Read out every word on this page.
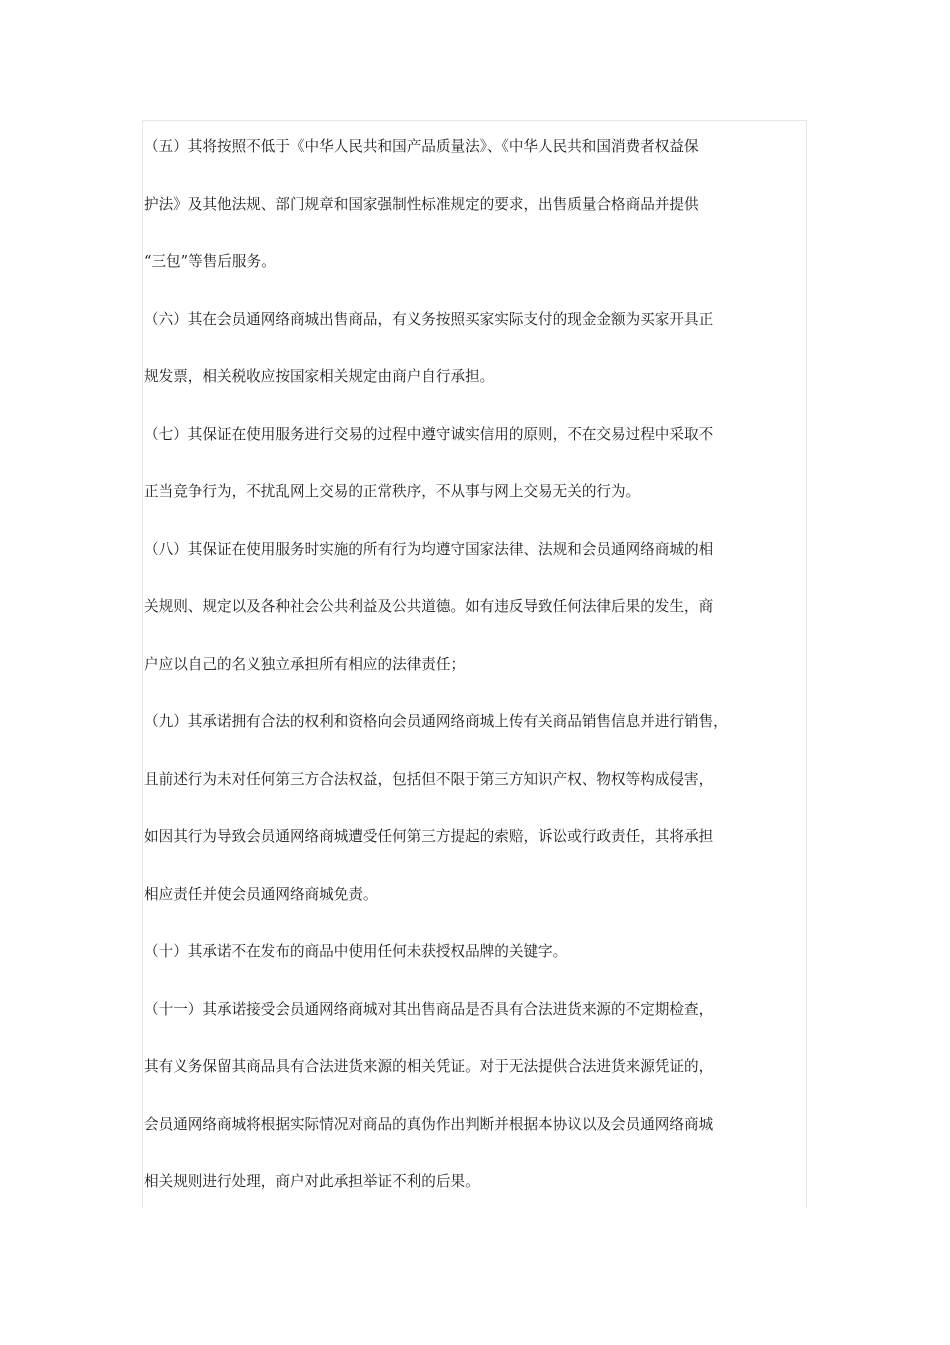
（五）其将按照不低于《中华人民共和国产品质量法》、《中华人民共和国消费者权益保
护法》及其他法规、部门规章和国家强制性标准规定的要求，出售质量合格商品并提供
“三包”等售后服务。
（六）其在会员通网络商城出售商品，有义务按照买家实际支付的现金金额为买家开具正
规发票，相关税收应按国家相关规定由商户自行承担。
（七）其保证在使用服务进行交易的过程中遵守诚实信用的原则，不在交易过程中采取不
正当竞争行为，不扰乱网上交易的正常秩序，不从事与网上交易无关的行为。
（八）其保证在使用服务时实施的所有行为均遵守国家法律、法规和会员通网络商城的相
关规则、规定以及各种社会公共利益及公共道德。如有违反导致任何法律后果的发生，商
户应以自己的名义独立承担所有相应的法律责任；
（九）其承诺拥有合法的权利和资格向会员通网络商城上传有关商品销售信息并进行销售，
且前述行为未对任何第三方合法权益，包括但不限于第三方知识产权、物权等构成侵害，
如因其行为导致会员通网络商城遭受任何第三方提起的索赔，诉讼或行政责任，其将承担
相应责任并使会员通网络商城免责。
（十）其承诺不在发布的商品中使用任何未获授权品牌的关键字。
（十一）其承诺接受会员通网络商城对其出售商品是否具有合法进货来源的不定期检查，
其有义务保留其商品具有合法进货来源的相关凭证。对于无法提供合法进货来源凭证的，
会员通网络商城将根据实际情况对商品的真伪作出判断并根据本协议以及会员通网络商城
相关规则进行处理，商户对此承担举证不利的后果。
